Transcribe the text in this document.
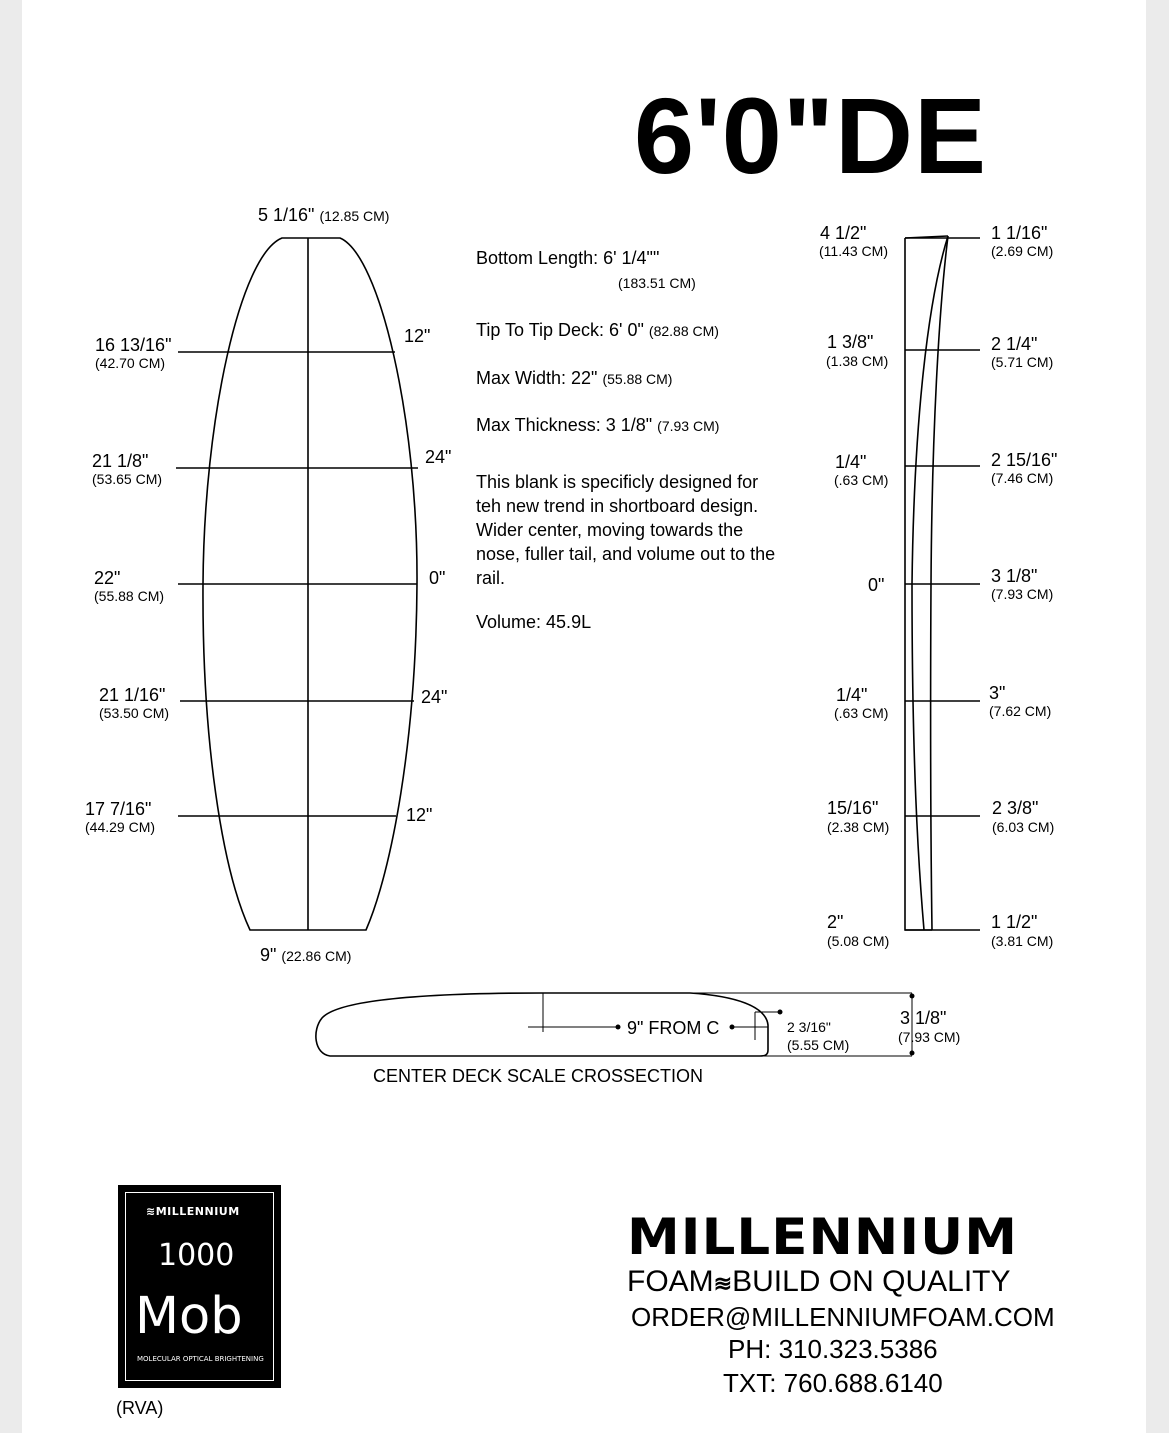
6'0"DE
5 1/16" (12.85 CM)
9" (22.86 CM)
16 13/16"
(42.70 CM)
12"
21 1/8"
(53.65 CM)
24"
22"
(55.88 CM)
0"
21 1/16"
(53.50 CM)
24"
17 7/16"
(44.29 CM)
12"
Bottom Length: 6' 1/4""
(183.51 CM)
Tip To Tip Deck: 6' 0" (82.88 CM)
Max Width: 22" (55.88 CM)
Max Thickness: 3 1/8" (7.93 CM)
This blank is specificly designed for teh new trend in shortboard design. Wider center, moving towards the nose, fuller tail, and volume out to the rail.
Volume: 45.9L
4 1/2"
(11.43 CM)
1 3/8"
(1.38 CM)
1/4"
(.63 CM)
0"
1/4"
(.63 CM)
15/16"
(2.38 CM)
2"
(5.08 CM)
1 1/16"
(2.69 CM)
2 1/4"
(5.71 CM)
2 15/16"
(7.46 CM)
3 1/8"
(7.93 CM)
3"
(7.62 CM)
2 3/8"
(6.03 CM)
1 1/2"
(3.81 CM)
9" FROM C	2 3/16"
(5.55 CM)
3 1/8"
(7.93 CM)
CENTER DECK SCALE CROSSECTION
≋MILLENNIUM
1000
Mob
MOLECULAR OPTICAL BRIGHTENING
(RVA)
MILLENNIUM
FOAM≋BUILD ON QUALITY
ORDER@MILLENNIUMFOAM.COM
PH: 310.323.5386
TXT: 760.688.6140
